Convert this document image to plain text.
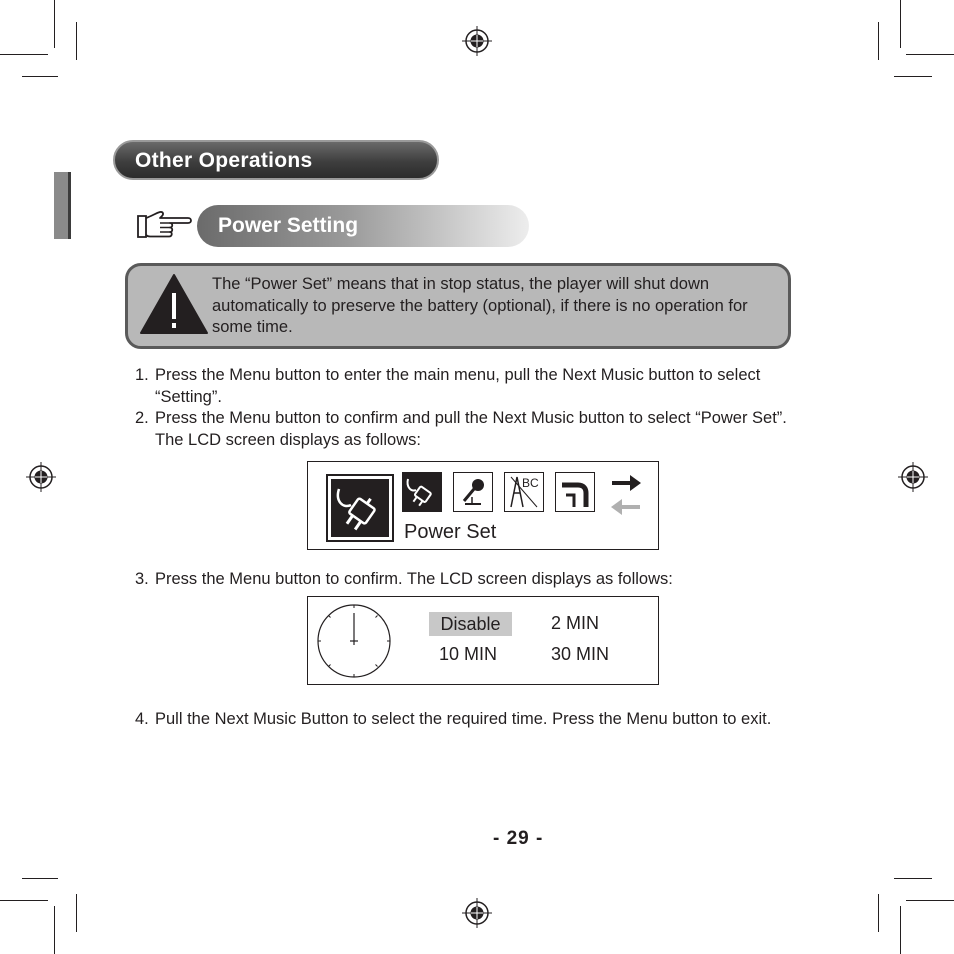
Other Operations
Power Setting
The “Power Set” means that in stop status, the player will shut down automatically to preserve the battery (optional), if there is no operation for some time.
1. Press the Menu button to enter the main menu, pull the Next Music button to select “Setting”.
2. Press the Menu button to confirm and pull the Next Music button to select “Power Set”. The LCD screen displays as follows:
BC
Power Set
3. Press the Menu button to confirm. The LCD screen displays as follows:
Disable	2 MIN
10 MIN	30 MIN
4. Pull the Next Music Button to select the required time. Press the Menu button to exit.
- 29 -
